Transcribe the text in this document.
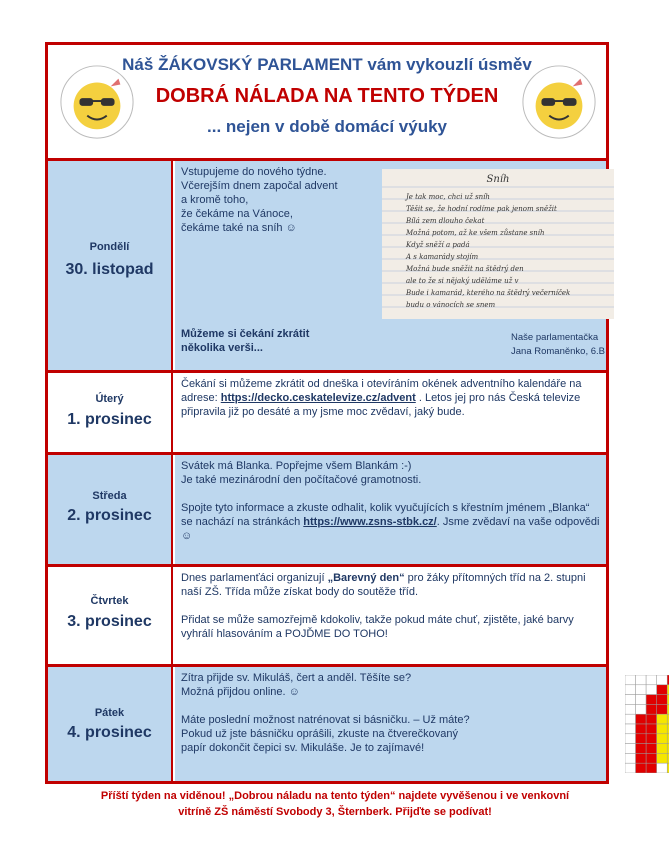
Náš ŽÁKOVSKÝ PARLAMENT vám vykouzlí úsměv
DOBRÁ NÁLADA NA TENTO TÝDEN
... nejen v době domácí výuky
Pondělí
30. listopad

Vstupujeme do nového týdne.

Včerejším dnem započal advent

a kromě toho,

že čekáme na Vánoce,

čekáme také na sníh ☺

Můžeme si čekání zkrátit několika verši...

Sníh
Je tak moc, chci už sníh
Těšit se, že hodní rodíme pak jenom sněžit
Bílá zem dlouho čekat
Možná potom, až ke všem zůstane sníh
Když sněží a padá
A s kamarády stojím
Možná bude sněžit na štědrý den
ale to že si nějaký uděláme už v
Bude i kamarád, kterého na štědrý večerníček
budu o vánocích se snem
Naše parlamentačka Jana Romaněnko, 6.B
Úterý
1. prosinec

Čekání si můžeme zkrátit od dneška i otevíráním okének adventního kalendáře na adrese: https://decko.ceskatelevize.cz/advent . Letos jej pro nás Česká televize připravila již po desáté a my jsme moc zvědaví, jaký bude.

Středa
2. prosinec

Svátek má Blanka. Popřejme všem Blankám :-)

Je také mezinárodní den počítačové gramotnosti.

Spojte tyto informace a zkuste odhalit, kolik vyučujících s křestním jménem „Blanka“ se nachází na stránkách https://www.zsns-stbk.cz/. Jsme zvědaví na vaše odpovědi ☺

Čtvrtek
3. prosinec

Dnes parlamenťáci organizují „Barevný den“ pro žáky přítomných tříd na 2. stupni naší ZŠ. Třída může získat body do soutěže tříd.

Přidat se může samozřejmě kdokoliv, takže pokud máte chuť, zjistěte, jaké barvy vyhrálí hlasováním a POJĎME DO TOHO!

Pátek
4. prosinec

Zítra přijde sv. Mikuláš, čert a anděl. Těšíte se?

Možná přijdou online. ☺

Máte poslední možnost natrénovat si básničku. – Už máte? Pokud už jste básničku opráŝili, zkuste na čtverečkovaný papír dokončit čepici sv. Mikuláše. Je to zajímavé!

Příští týden na viděnou! „Dobrou náladu na tento týden“ najdete vyvěšenou i ve venkovní
vitríně ZŠ náměstí Svobody 3, Šternberk. Přijďte se podívat!
